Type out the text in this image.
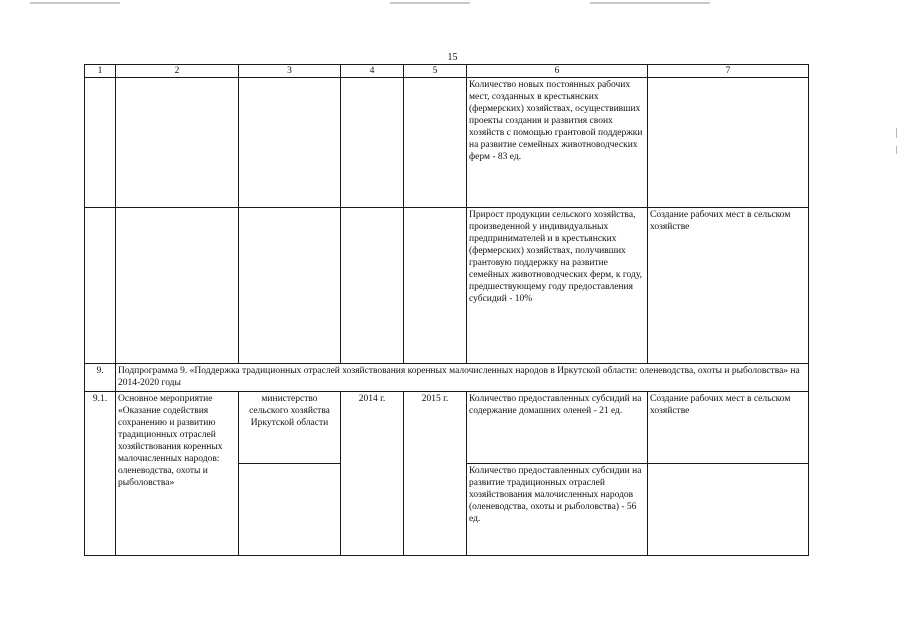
15
1	2	3	4	5	6	7
					Количество новых постоянных рабочих мест, созданных в крестьянских (фермерских) хозяйствах, осуществивших проекты создания и развития своих хозяйств с помощью грантовой поддержки на развитие семейных животноводческих ферм - 83 ед.	
					Прирост продукции сельского хозяйства, произведенной у индивидуальных предпринимателей и в крестьянских (фермерских) хозяйствах, получивших грантовую поддержку на развитие семейных животноводческих ферм, к году, предшествующему году предоставления субсидий - 10%	Создание рабочих мест в сельском хозяйстве
9.	Подпрограмма 9. «Поддержка традиционных отраслей хозяйствования коренных малочисленных народов в Иркутской области: оленеводства, охоты и рыболовства» на 2014-2020 годы					
9.1.	Основное мероприятие «Оказание содействия сохранению и развитию традиционных отраслей хозяйствования коренных малочисленных народов: оленеводства, охоты и рыболовства»	министерство сельского хозяйства Иркутской области	2014 г.	2015 г.	Количество предоставленных субсидий на содержание домашних оленей - 21 ед.	Создание рабочих мест в сельском хозяйстве
					Количество предоставленных субсидии на развитие традиционных отраслей хозяйствования малочисленных народов (оленеводства, охоты и рыболовства) - 56 ед.	
